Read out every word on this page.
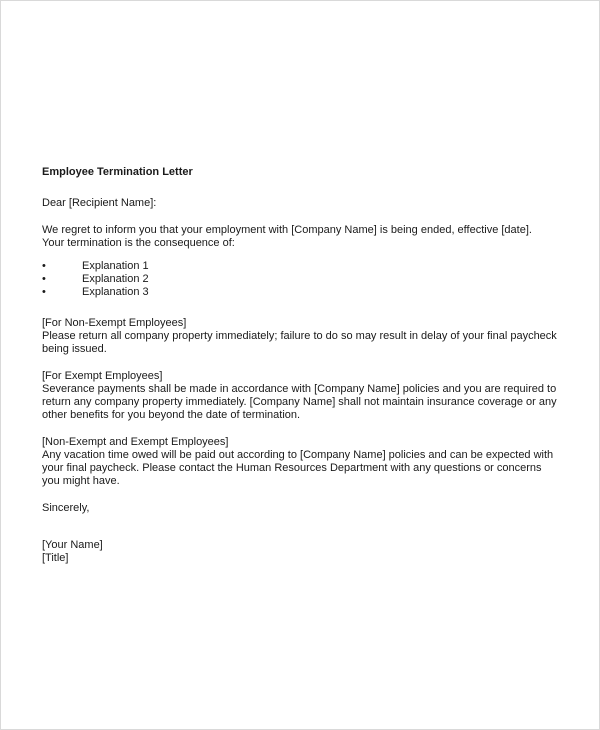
Employee Termination Letter

Dear [Recipient Name]:

We regret to inform you that your employment with [Company Name] is being ended, effective [date].
Your termination is the consequence of:
•	Explanation 1
•	Explanation 2
•	Explanation 3
[For Non-Exempt Employees]
Please return all company property immediately; failure to do so may result in delay of your final paycheck
being issued.
[For Exempt Employees]
Severance payments shall be made in accordance with [Company Name] policies and you are required to
return any company property immediately. [Company Name] shall not maintain insurance coverage or any
other benefits for you beyond the date of termination.
[Non-Exempt and Exempt Employees]
Any vacation time owed will be paid out according to [Company Name] policies and can be expected with
your final paycheck. Please contact the Human Resources Department with any questions or concerns
you might have.

Sincerely,

[Your Name]
[Title]
